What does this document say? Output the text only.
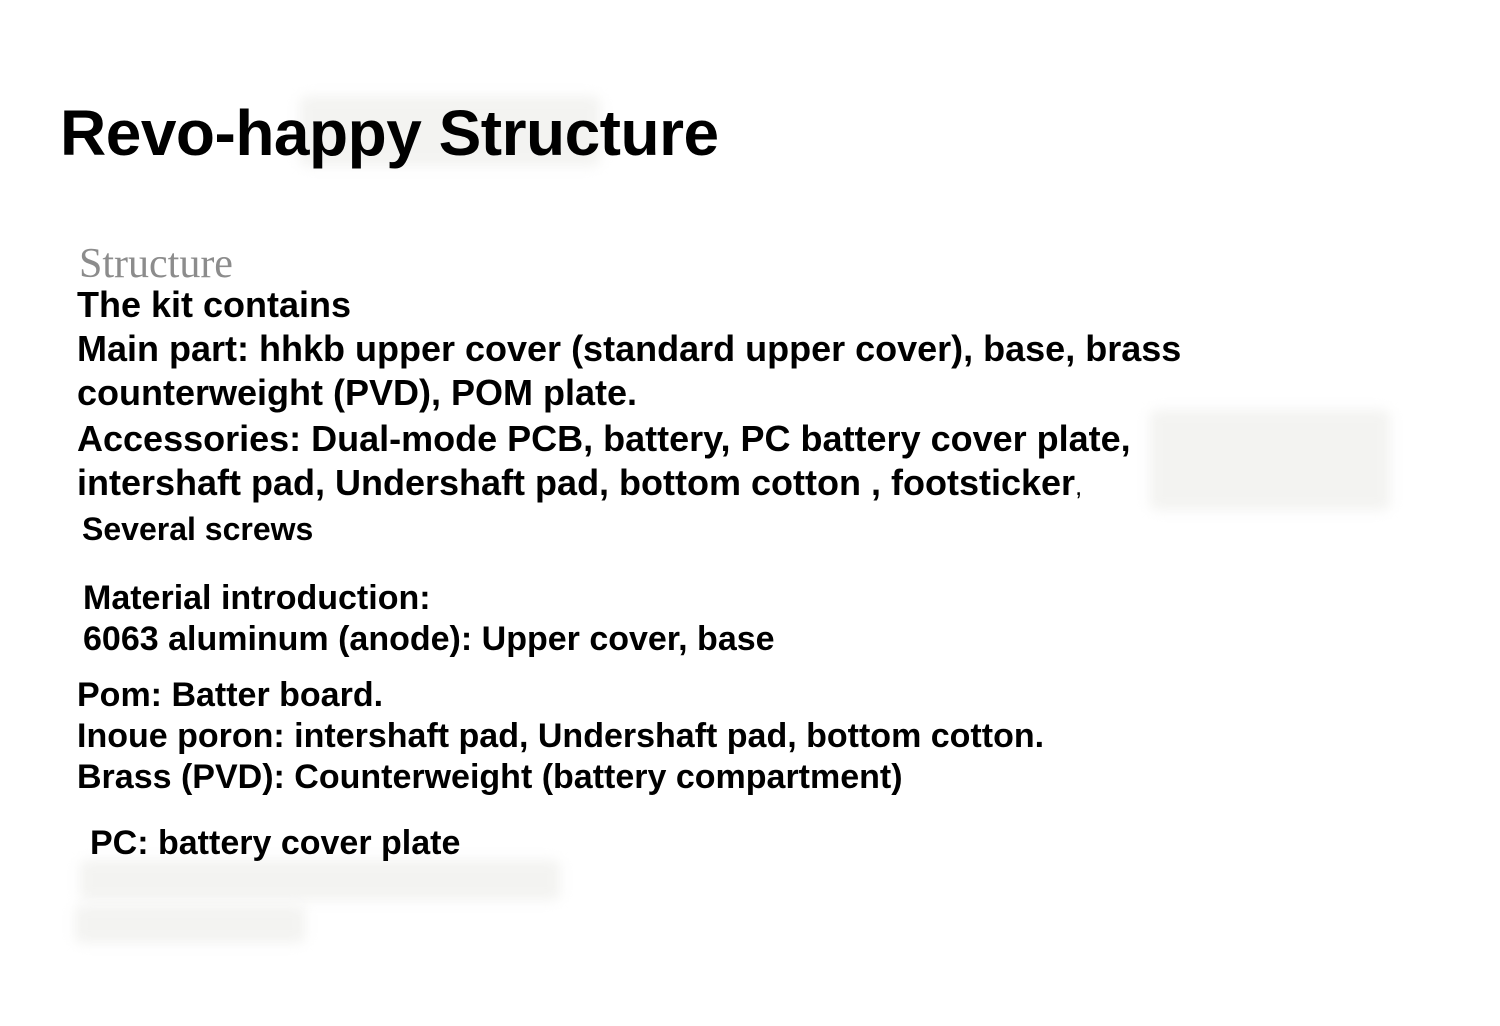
Revo-happy Structure
Structure
The kit contains
Main part: hhkb upper cover (standard upper cover), base, brass
counterweight (PVD), POM plate.
Accessories: Dual-mode PCB, battery, PC battery cover plate,
intershaft pad, Undershaft pad, bottom cotton , footsticker,
Several screws
Material introduction:
6063 aluminum (anode): Upper cover, base
Pom: Batter board.
Inoue poron: intershaft pad, Undershaft pad, bottom cotton.
Brass (PVD): Counterweight (battery compartment)
PC: battery cover plate
